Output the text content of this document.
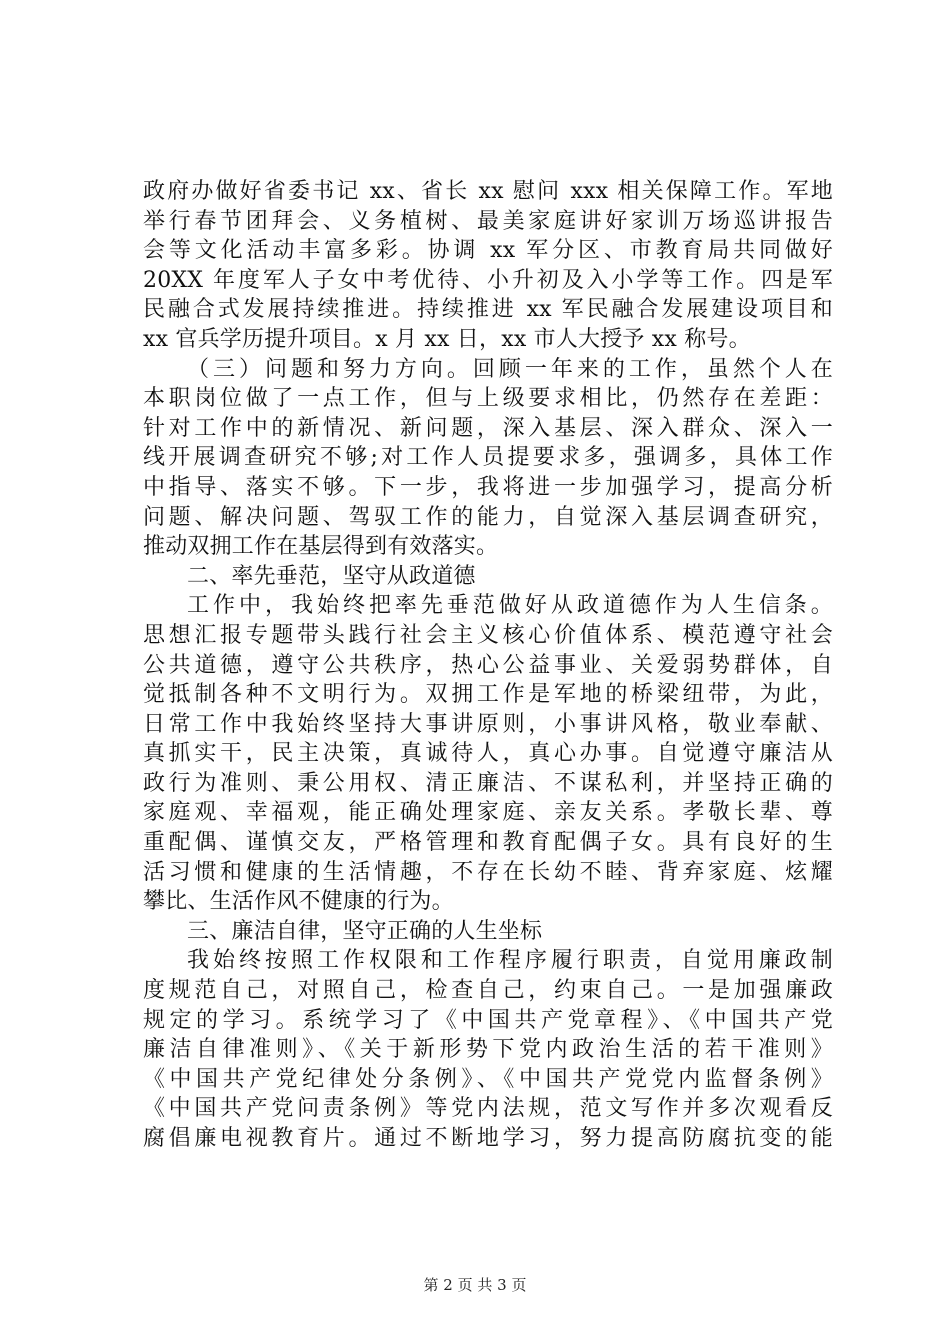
政府办做好省委书记 xx、省长 xx 慰问 xxx 相关保障工作。军地
举行春节团拜会、义务植树、最美家庭讲好家训万场巡讲报告
会等文化活动丰富多彩。协调 xx 军分区、市教育局共同做好
20XX 年度军人子女中考优待、小升初及入小学等工作。四是军
民融合式发展持续推进。持续推进 xx 军民融合发展建设项目和
xx 官兵学历提升项目。x 月 xx 日，xx 市人大授予 xx 称号。
（三）问题和努力方向。回顾一年来的工作，虽然个人在
本职岗位做了一点工作，但与上级要求相比，仍然存在差距：
针对工作中的新情况、新问题，深入基层、深入群众、深入一
线开展调查研究不够;对工作人员提要求多，强调多，具体工作
中指导、落实不够。下一步，我将进一步加强学习，提高分析
问题、解决问题、驾驭工作的能力，自觉深入基层调查研究，
推动双拥工作在基层得到有效落实。
二、率先垂范，坚守从政道德
工作中，我始终把率先垂范做好从政道德作为人生信条。
思想汇报专题带头践行社会主义核心价值体系、模范遵守社会
公共道德，遵守公共秩序，热心公益事业、关爱弱势群体，自
觉抵制各种不文明行为。双拥工作是军地的桥梁纽带，为此，
日常工作中我始终坚持大事讲原则，小事讲风格，敬业奉献、
真抓实干，民主决策，真诚待人，真心办事。自觉遵守廉洁从
政行为准则、秉公用权、清正廉洁、不谋私利，并坚持正确的
家庭观、幸福观，能正确处理家庭、亲友关系。孝敬长辈、尊
重配偶、谨慎交友，严格管理和教育配偶子女。具有良好的生
活习惯和健康的生活情趣，不存在长幼不睦、背弃家庭、炫耀
攀比、生活作风不健康的行为。
三、廉洁自律，坚守正确的人生坐标
我始终按照工作权限和工作程序履行职责，自觉用廉政制
度规范自己，对照自己，检查自己，约束自己。一是加强廉政
规定的学习。系统学习了《中国共产党章程》、《中国共产党
廉洁自律准则》、《关于新形势下党内政治生活的若干准则》
《中国共产党纪律处分条例》、《中国共产党党内监督条例》
《中国共产党问责条例》等党内法规，范文写作并多次观看反
腐倡廉电视教育片。通过不断地学习，努力提高防腐抗变的能
第 2 页 共 3 页
